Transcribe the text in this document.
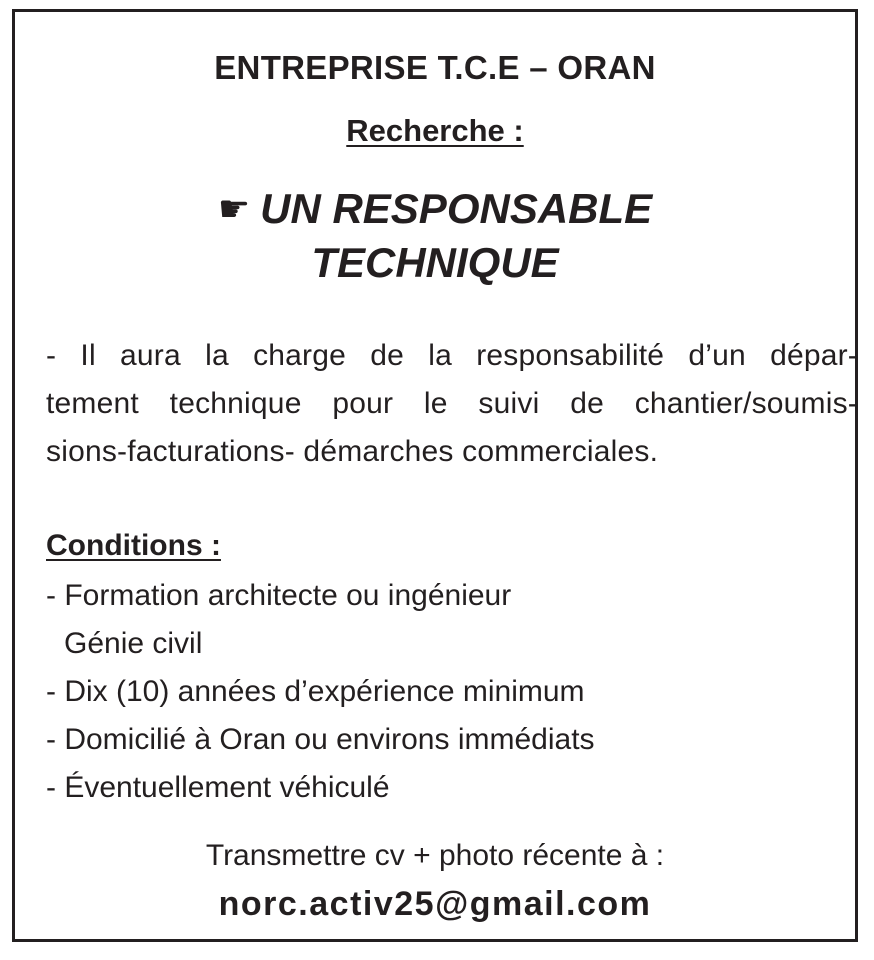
ENTREPRISE T.C.E – ORAN
Recherche :
☛ UN RESPONSABLE
TECHNIQUE
- Il aura la charge de la responsabilité d’un dépar-
tement technique pour le suivi de chantier/soumis-
sions-facturations- démarches commerciales.
Conditions :
- Formation architecte ou ingénieur
Génie civil
- Dix (10) années d’expérience minimum
- Domicilié à Oran ou environs immédiats
- Éventuellement véhiculé
Transmettre cv + photo récente à :
norc.activ25@gmail.com
